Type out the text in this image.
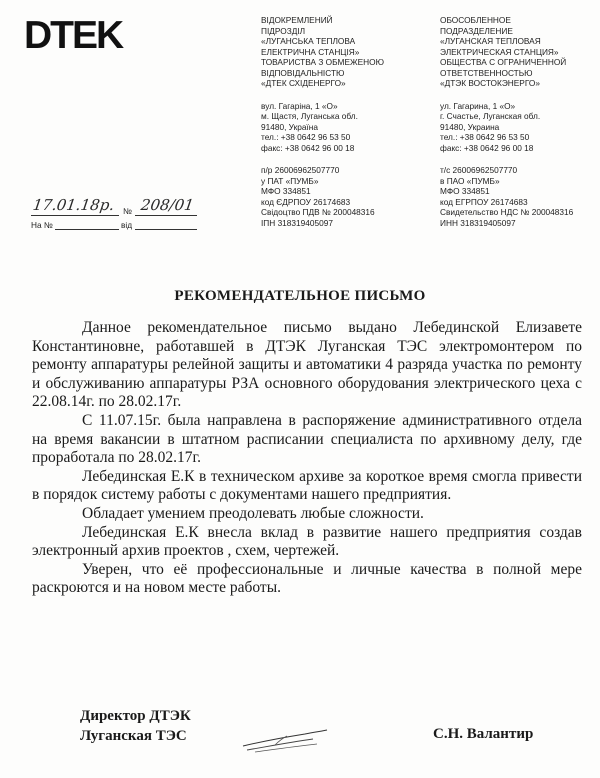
DTEK	ВІДОКРЕМЛЕНИЙ
ПІДРОЗДІЛ
«ЛУГАНСЬКА ТЕПЛОВА
ЕЛЕКТРИЧНА СТАНЦІЯ»
ТОВАРИСТВА З ОБМЕЖЕНОЮ
ВІДПОВІДАЛЬНІСТЮ
«ДТЕК СХІДЕНЕРГО»
вул. Гагаріна, 1 «О»
м. Щастя, Луганська обл.
91480, Україна
тел.: +38 0642 96 53 50
факс: +38 0642 96 00 18
п/р 26006962507770
у ПАТ «ПУМБ»
МФО 334851
код ЄДРПОУ 26174683
Свідоцтво ПДВ № 200048316
ІПН 318319405097
ОБОСОБЛЕННОЕ
ПОДРАЗДЕЛЕНИЕ
«ЛУГАНСКАЯ ТЕПЛОВАЯ
ЭЛЕКТРИЧЕСКАЯ СТАНЦИЯ»
ОБЩЕСТВА С ОГРАНИЧЕННОЙ
ОТВЕТСТВЕННОСТЬЮ
«ДТЭК ВОСТОКЭНЕРГО»
ул. Гагарина, 1 «О»
г. Счастье, Луганская обл.
91480, Украина
тел.: +38 0642 96 53 50
факс: +38 0642 96 00 18
т/с 26006962507770
в ПАО «ПУМБ»
МФО 334851
код ЕГРПОУ 26174683
Свидетельство НДС № 200048316
ИНН 318319405097
17.01.18р. № 208/01
На №	від
РЕКОМЕНДАТЕЛЬНОЕ ПИСЬМО

Данное рекомендательное письмо выдано Лебединской Елизавете Константиновне, работавшей в ДТЭК Луганская ТЭС электромонтером по ремонту аппаратуры релейной защиты и автоматики 4 разряда участка по ремонту и обслуживанию аппаратуры РЗА основного оборудования электрического цеха с 22.08.14г. по 28.02.17г.

С 11.07.15г. была направлена в распоряжение административного отдела на время вакансии в штатном расписании специалиста по архивному делу, где проработала по 28.02.17г.

Лебединская Е.К в техническом архиве за короткое время смогла привести в порядок систему работы с документами нашего предприятия.

Обладает умением преодолевать любые сложности.

Лебединская Е.К внесла вклад в развитие нашего предприятия создав электронный архив проектов , схем, чертежей.

Уверен, что её профессиональные и личные качества в полной мере раскроются и на новом месте работы.

Директор ДТЭК
Луганская ТЭС	С.Н. Валантир
